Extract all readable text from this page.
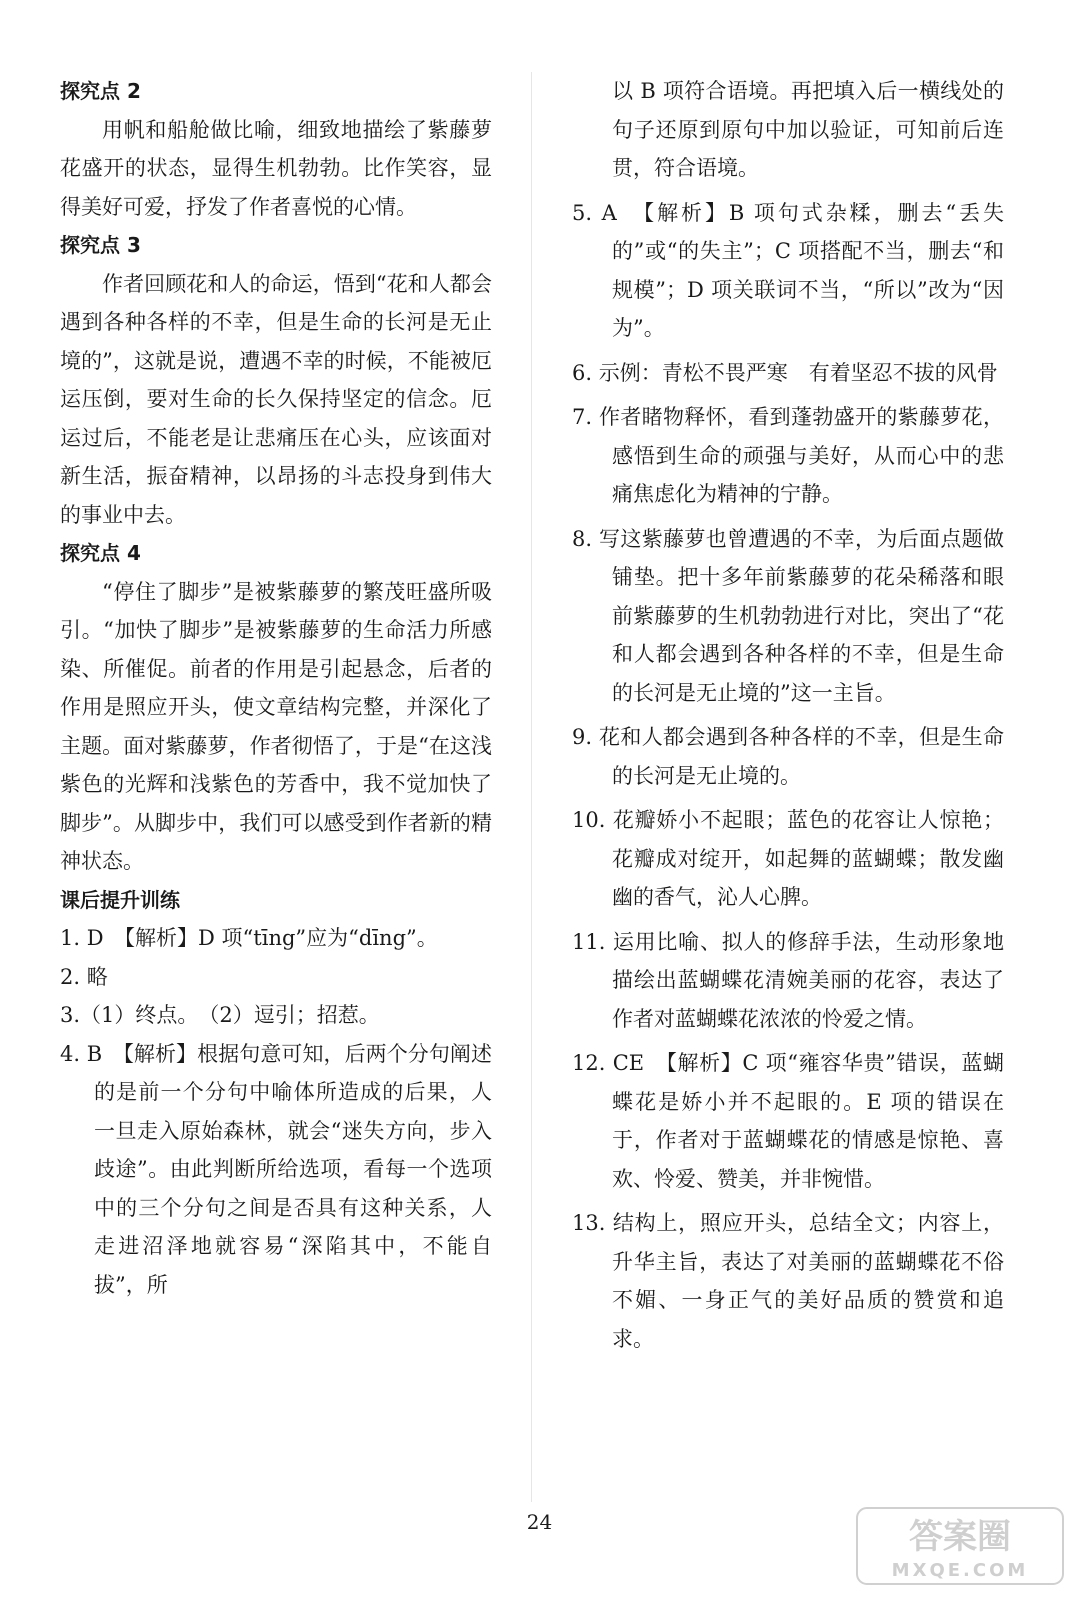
探究点 2

用帆和船舱做比喻，细致地描绘了紫藤萝花盛开的状态，显得生机勃勃。比作笑容，显得美好可爱，抒发了作者喜悦的心情。

探究点 3

作者回顾花和人的命运，悟到“花和人都会遇到各种各样的不幸，但是生命的长河是无止境的”，这就是说，遭遇不幸的时候，不能被厄运压倒，要对生命的长久保持坚定的信念。厄运过后，不能老是让悲痛压在心头，应该面对新生活，振奋精神，以昂扬的斗志投身到伟大的事业中去。

探究点 4

“停住了脚步”是被紫藤萝的繁茂旺盛所吸引。“加快了脚步”是被紫藤萝的生命活力所感染、所催促。前者的作用是引起悬念，后者的作用是照应开头，使文章结构完整，并深化了主题。面对紫藤萝，作者彻悟了，于是“在这浅紫色的光辉和浅紫色的芳香中，我不觉加快了脚步”。从脚步中，我们可以感受到作者新的精神状态。

课后提升训练

1. D　【解析】D 项“tīng”应为“dīng”。

2. 略

3.（1）终点。　（2）逗引；招惹。

4. B　【解析】根据句意可知，后两个分句阐述的是前一个分句中喻体所造成的后果，人一旦走入原始森林，就会“迷失方向，步入歧途”。由此判断所给选项，看每一个选项中的三个分句之间是否具有这种关系，人走进沼泽地就容易“深陷其中，不能自拔”，所

以 B 项符合语境。再把填入后一横线处的句子还原到原句中加以验证，可知前后连贯，符合语境。

5. A　【解析】B 项句式杂糅，删去“丢失的”或“的失主”；C 项搭配不当，删去“和规模”；D 项关联词不当，“所以”改为“因为”。

6. 示例：青松不畏严寒　有着坚忍不拔的风骨

7. 作者睹物释怀，看到蓬勃盛开的紫藤萝花，感悟到生命的顽强与美好，从而心中的悲痛焦虑化为精神的宁静。

8. 写这紫藤萝也曾遭遇的不幸，为后面点题做铺垫。把十多年前紫藤萝的花朵稀落和眼前紫藤萝的生机勃勃进行对比，突出了“花和人都会遇到各种各样的不幸，但是生命的长河是无止境的”这一主旨。

9. 花和人都会遇到各种各样的不幸，但是生命的长河是无止境的。

10. 花瓣娇小不起眼；蓝色的花容让人惊艳；花瓣成对绽开，如起舞的蓝蝴蝶；散发幽幽的香气，沁人心脾。

11. 运用比喻、拟人的修辞手法，生动形象地描绘出蓝蝴蝶花清婉美丽的花容，表达了作者对蓝蝴蝶花浓浓的怜爱之情。

12. CE　【解析】C 项“雍容华贵”错误，蓝蝴蝶花是娇小并不起眼的。E 项的错误在于，作者对于蓝蝴蝶花的情感是惊艳、喜欢、怜爱、赞美，并非惋惜。

13. 结构上，照应开头，总结全文；内容上，升华主旨，表达了对美丽的蓝蝴蝶花不俗不媚、一身正气的美好品质的赞赏和追求。

24	答案圈
MXQE.COM
